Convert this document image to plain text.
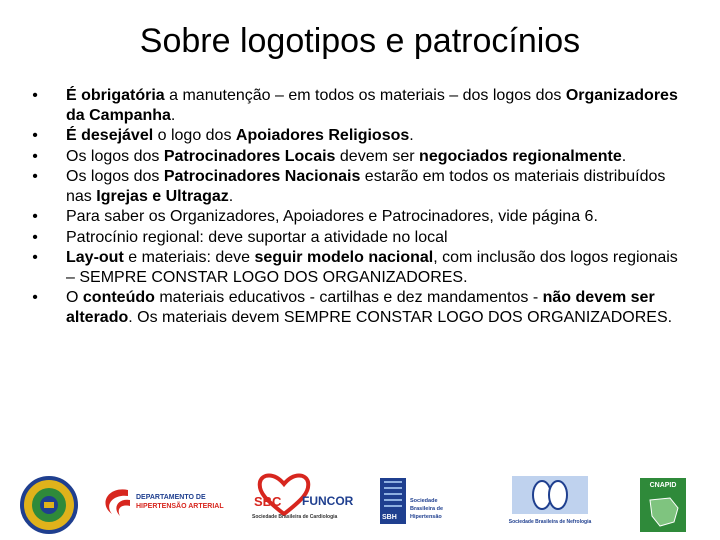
Sobre logotipos e patrocínios
• É obrigatória a manutenção – em todos os materiais – dos logos dos Organizadores da Campanha.
• É desejável o logo dos Apoiadores Religiosos.
• Os logos dos Patrocinadores Locais devem ser negociados regionalmente.
• Os logos dos Patrocinadores Nacionais estarão em todos os materiais distribuídos nas Igrejas e Ultragaz.
• Para saber os Organizadores, Apoiadores e Patrocinadores, vide página 6.
• Patrocínio regional: deve suportar a atividade no local
• Lay-out e materiais: deve seguir modelo nacional, com inclusão dos logos regionais – SEMPRE CONSTAR LOGO DOS ORGANIZADORES.
• O conteúdo materiais educativos - cartilhas e dez mandamentos - não devem ser alterado. Os materiais devem SEMPRE CONSTAR LOGO DOS ORGANIZADORES.
DEPARTAMENTO DE
HIPERTENSÃO ARTERIAL SBC FUNCOR
Sociedade Brasileira de Cardiologia	SBH
Sociedade
Brasileira de
Hipertensão
Sociedade Brasileira de Nefrologia
CNAPID
